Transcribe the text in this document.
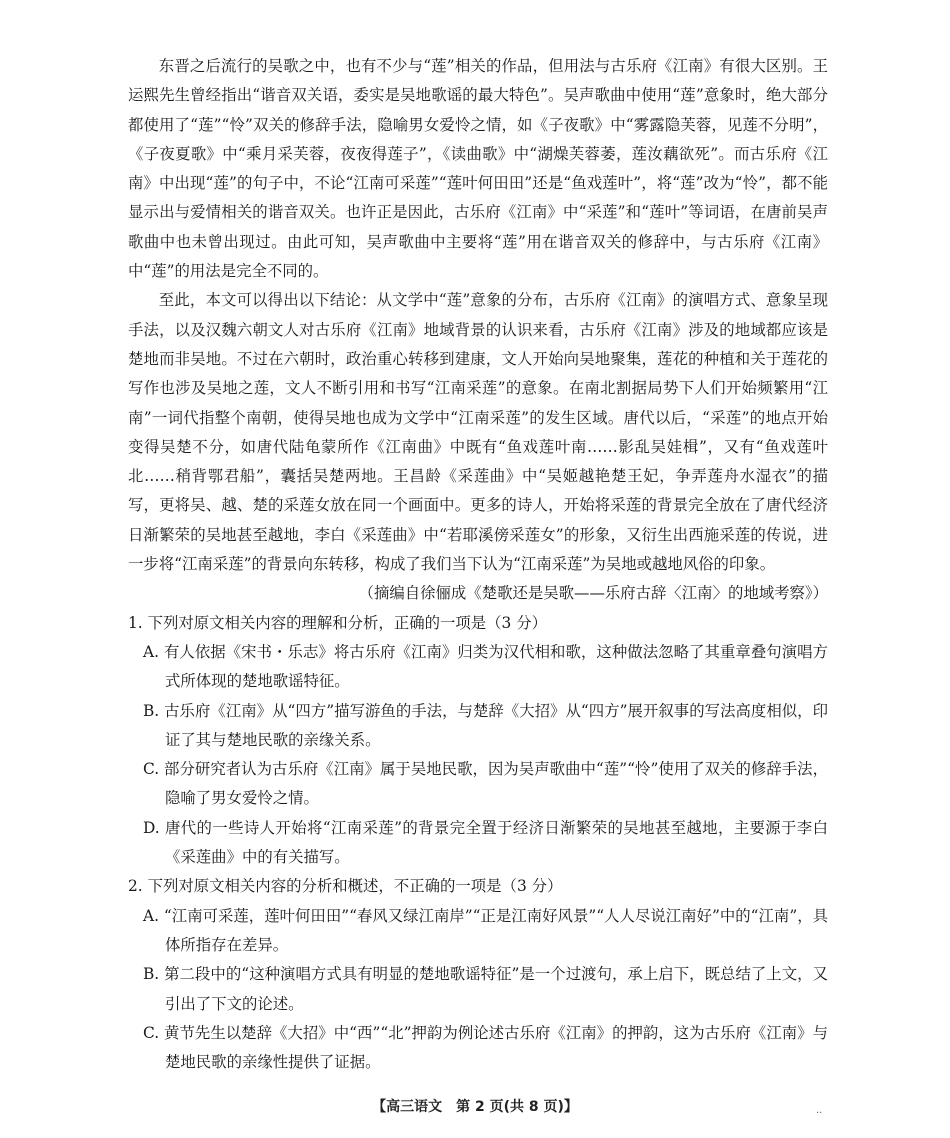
东晋之后流行的吴歌之中，也有不少与“莲”相关的作品，但用法与古乐府《江南》有很大区别。王运熙先生曾经指出“谐音双关语，委实是吴地歌谣的最大特色”。吴声歌曲中使用“莲”意象时，绝大部分都使用了“莲”“怜”双关的修辞手法，隐喻男女爱怜之情，如《子夜歌》中“雾露隐芙蓉，见莲不分明”，《子夜夏歌》中“乘月采芙蓉，夜夜得莲子”，《读曲歌》中“湖燥芙蓉萎，莲汝藕欲死”。而古乐府《江南》中出现“莲”的句子中，不论“江南可采莲”“莲叶何田田”还是“鱼戏莲叶”，将“莲”改为“怜”，都不能显示出与爱情相关的谐音双关。也许正是因此，古乐府《江南》中“采莲”和“莲叶”等词语，在唐前吴声歌曲中也未曾出现过。由此可知，吴声歌曲中主要将“莲”用在谐音双关的修辞中，与古乐府《江南》中“莲”的用法是完全不同的。

至此，本文可以得出以下结论：从文学中“莲”意象的分布，古乐府《江南》的演唱方式、意象呈现手法，以及汉魏六朝文人对古乐府《江南》地域背景的认识来看，古乐府《江南》涉及的地域都应该是楚地而非吴地。不过在六朝时，政治重心转移到建康，文人开始向吴地聚集，莲花的种植和关于莲花的写作也涉及吴地之莲，文人不断引用和书写“江南采莲”的意象。在南北割据局势下人们开始频繁用“江南”一词代指整个南朝，使得吴地也成为文学中“江南采莲”的发生区域。唐代以后，“采莲”的地点开始变得吴楚不分，如唐代陆龟蒙所作《江南曲》中既有“鱼戏莲叶南……影乱吴娃楫”，又有“鱼戏莲叶北……稍背鄂君船”，囊括吴楚两地。王昌龄《采莲曲》中“吴姬越艳楚王妃，争弄莲舟水湿衣”的描写，更将吴、越、楚的采莲女放在同一个画面中。更多的诗人，开始将采莲的背景完全放在了唐代经济日渐繁荣的吴地甚至越地，李白《采莲曲》中“若耶溪傍采莲女”的形象，又衍生出西施采莲的传说，进一步将“江南采莲”的背景向东转移，构成了我们当下认为“江南采莲”为吴地或越地风俗的印象。

（摘编自徐俪成《楚歌还是吴歌——乐府古辞〈江南〉的地域考察》）

1. 下列对原文相关内容的理解和分析，正确的一项是（3 分）

A. 有人依据《宋书・乐志》将古乐府《江南》归类为汉代相和歌，这种做法忽略了其重章叠句演唱方式所体现的楚地歌谣特征。

B. 古乐府《江南》从“四方”描写游鱼的手法，与楚辞《大招》从“四方”展开叙事的写法高度相似，印证了其与楚地民歌的亲缘关系。

C. 部分研究者认为古乐府《江南》属于吴地民歌，因为吴声歌曲中“莲”“怜”使用了双关的修辞手法，隐喻了男女爱怜之情。

D. 唐代的一些诗人开始将“江南采莲”的背景完全置于经济日渐繁荣的吴地甚至越地，主要源于李白《采莲曲》中的有关描写。

2. 下列对原文相关内容的分析和概述，不正确的一项是（3 分）

A. “江南可采莲，莲叶何田田”“春风又绿江南岸”“正是江南好风景”“人人尽说江南好”中的“江南”，具体所指存在差异。

B. 第二段中的“这种演唱方式具有明显的楚地歌谣特征”是一个过渡句，承上启下，既总结了上文，又引出了下文的论述。

C. 黄节先生以楚辞《大招》中“西”“北”押韵为例论述古乐府《江南》的押韵，这为古乐府《江南》与楚地民歌的亲缘性提供了证据。

【高三语文　第 2 页(共 8 页)】	··
